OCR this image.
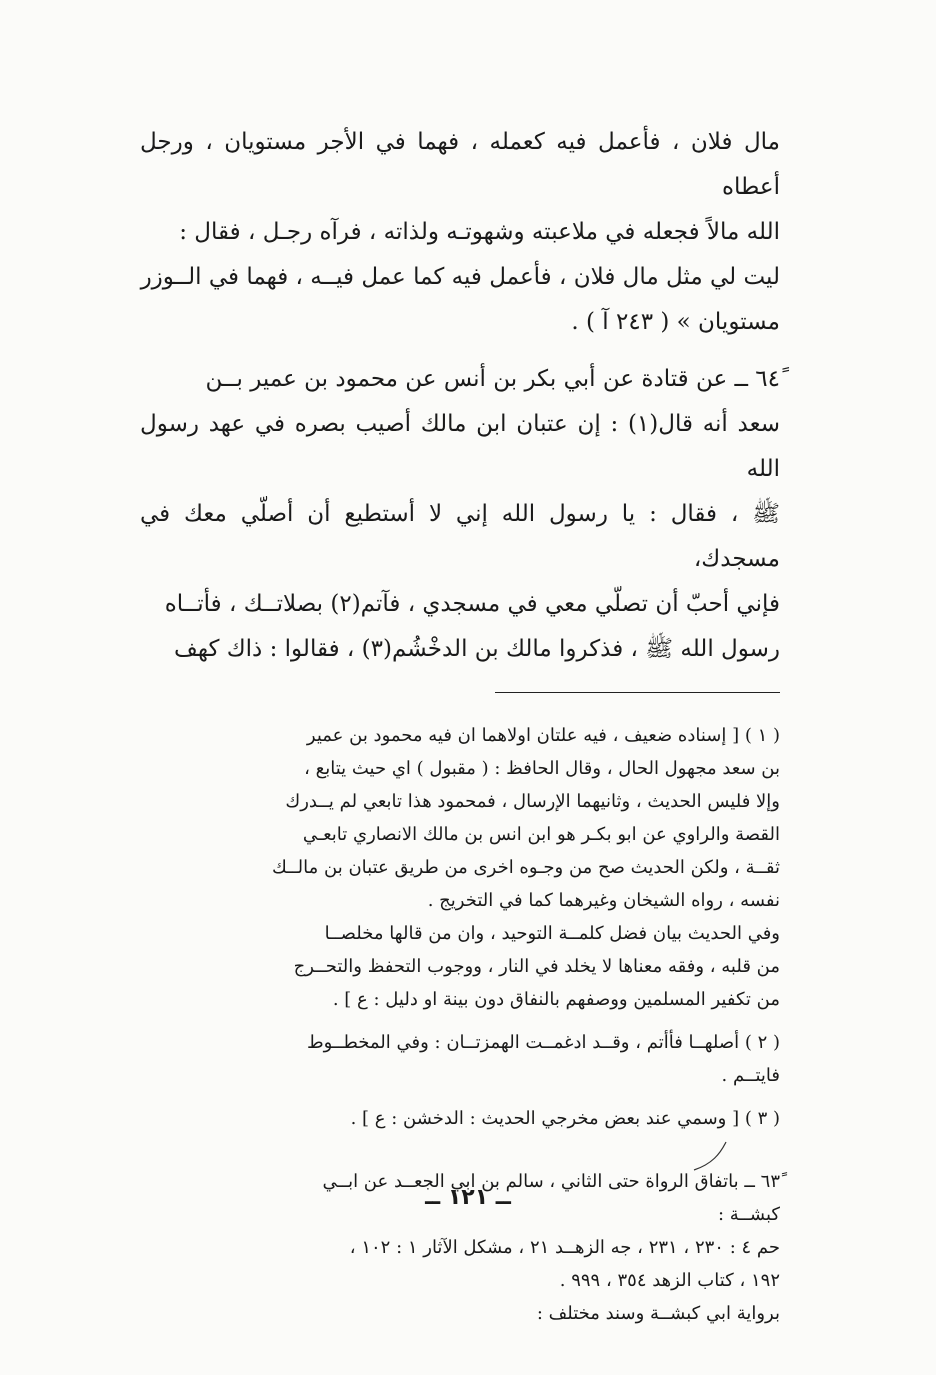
مال فلان ، فأعمل فيه كعمله ، فهما في الأجر مستويان ، ورجل أعطاه

الله مالاً فجعله في ملاعبته وشهوتـه ولذاته ، فرآه رجـل ، فقال :

ليت لي مثل مال فلان ، فأعمل فيه كما عمل فيــه ، فهما في الــوزر

مستويان » ( ٢٤٣ آ ) .

٦٤ً ــ عن قتادة عن أبي بكر بن أنس عن محمود بن عمير بــن

سعد أنه قال(١) : إن عتبان ابن مالك أصيب بصره في عهد رسول الله

ﷺ ، فقال : يا رسول الله إني لا أستطيع أن أصلّي معك في مسجدك،

فإني أحبّ أن تصلّي معي في مسجدي ، فآتم(٢) بصلاتــك ، فأتــاه

رسول الله ﷺ ، فذكروا مالك بن الدخْشُم(٣) ، فقالوا : ذاك كهف

( ١ ) [ إسناده ضعيف ، فيه علتان اولاهما ان فيه محمود بن عمير

بن سعد مجهول الحال ، وقال الحافظ : ( مقبول ) اي حيث يتابع ،

وإلا فليس الحديث ، وثانيهما الإرسال ، فمحمود هذا تابعي لم يــدرك

القصة والراوي عن ابو بكـر هو ابن انس بن مالك الانصاري تابعـي

ثقــة ، ولكن الحديث صح من وجـوه اخرى من طريق عتبان بن مالــك

نفسه ، رواه الشيخان وغيرهما كما في التخريج .

وفي الحديث بيان فضل كلمــة التوحيد ، وان من قالها مخلصــا

من قلبه ، وفقه معناها لا يخلد في النار ، ووجوب التحفظ والتحــرج

من تكفير المسلمين ووصفهم بالنفاق دون بينة او دليل : ع ] .

( ٢ ) أصلهــا فأأتم ، وقــد ادغمــت الهمزتــان : وفي المخطــوط

فايتــم .

( ٣ ) [ وسمي عند بعض مخرجي الحديث : الدخشن : ع ] .

٦٣ً ــ باتفاق الرواة حتى الثاني ، سالم بن ابي الجعــد عن ابــي

كبشــة :

حم ٤ : ٢٣٠ ، ٢٣١ ، جه الزهــد ٢١ ، مشكل الآثار ١ : ١٠٢ ،

١٩٢ ، كتاب الزهد ٣٥٤ ، ٩٩٩ .

برواية ابي كبشــة وسند مختلف :

ــ ١٢١ ــ
